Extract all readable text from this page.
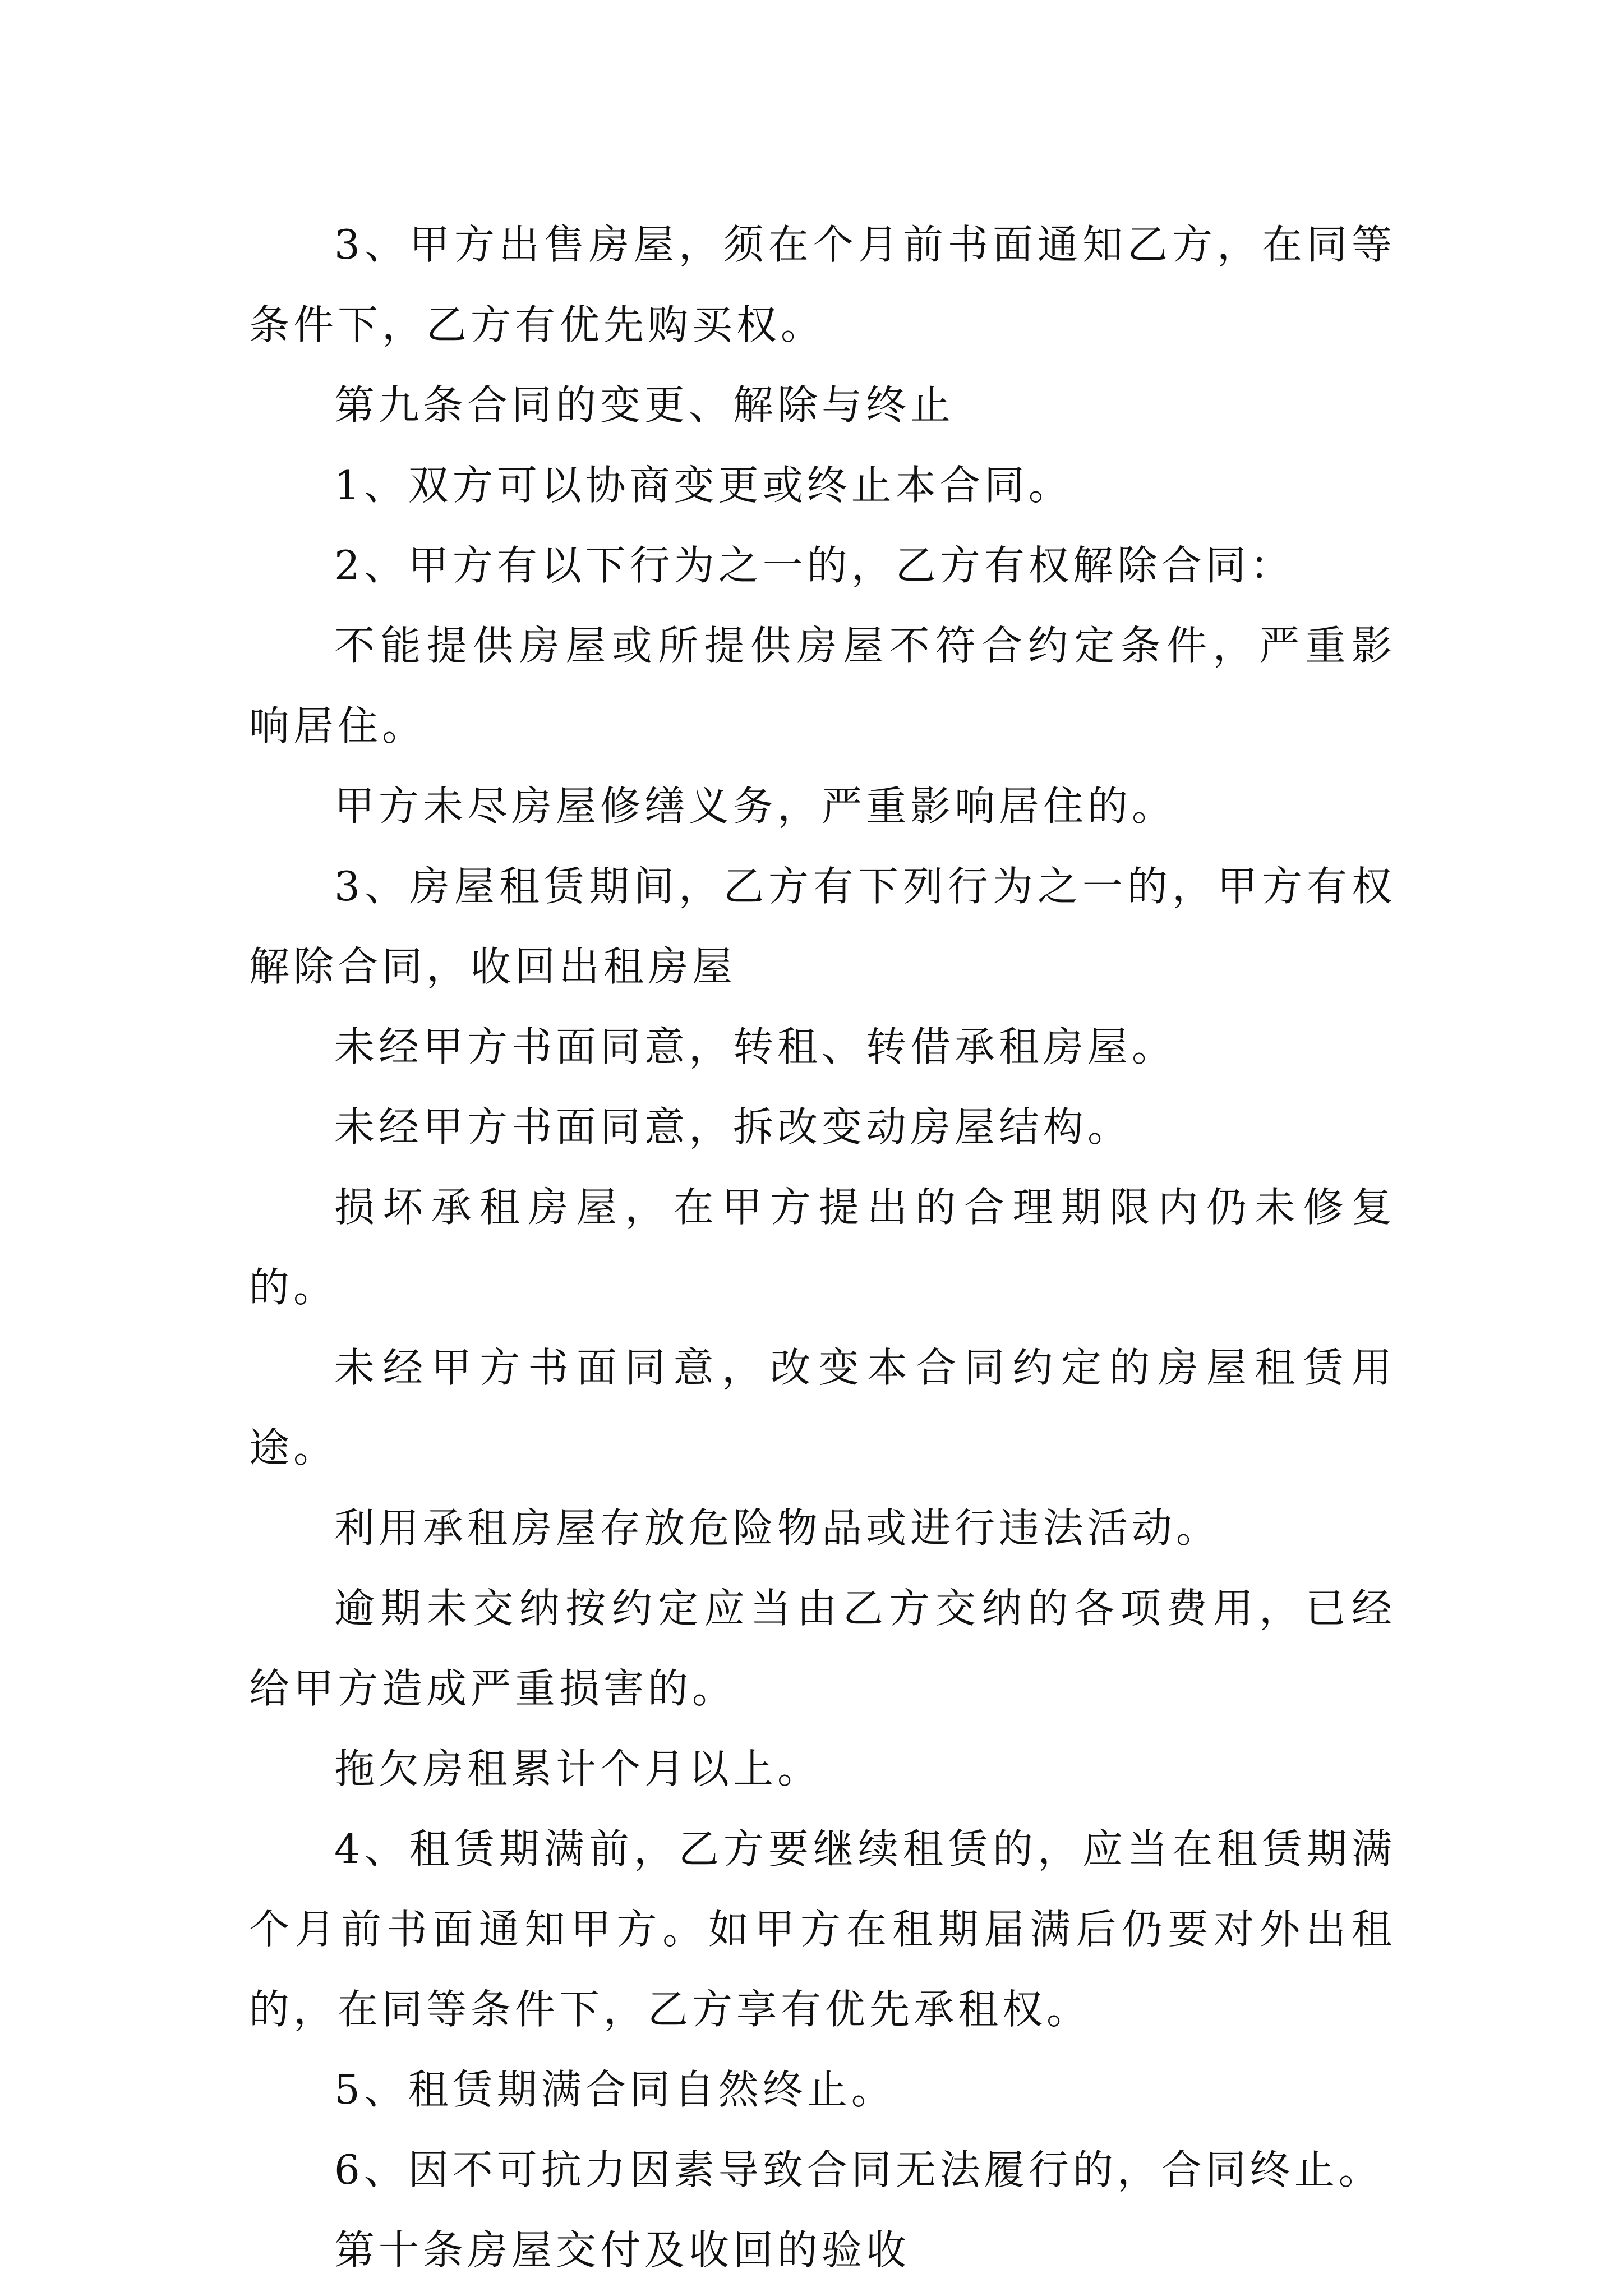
3、甲方出售房屋，须在个月前书面通知乙方，在同等条件下，乙方有优先购买权。

第九条合同的变更、解除与终止

1、双方可以协商变更或终止本合同。

2、甲方有以下行为之一的，乙方有权解除合同：

不能提供房屋或所提供房屋不符合约定条件，严重影响居住。

甲方未尽房屋修缮义务，严重影响居住的。

3、房屋租赁期间，乙方有下列行为之一的，甲方有权解除合同，收回出租房屋

未经甲方书面同意，转租、转借承租房屋。

未经甲方书面同意，拆改变动房屋结构。

损坏承租房屋，在甲方提出的合理期限内仍未修复的。

未经甲方书面同意，改变本合同约定的房屋租赁用途。

利用承租房屋存放危险物品或进行违法活动。

逾期未交纳按约定应当由乙方交纳的各项费用，已经给甲方造成严重损害的。

拖欠房租累计个月以上。

4、租赁期满前，乙方要继续租赁的，应当在租赁期满个月前书面通知甲方。如甲方在租期届满后仍要对外出租的，在同等条件下，乙方享有优先承租权。

5、租赁期满合同自然终止。

6、因不可抗力因素导致合同无法履行的，合同终止。

第十条房屋交付及收回的验收
